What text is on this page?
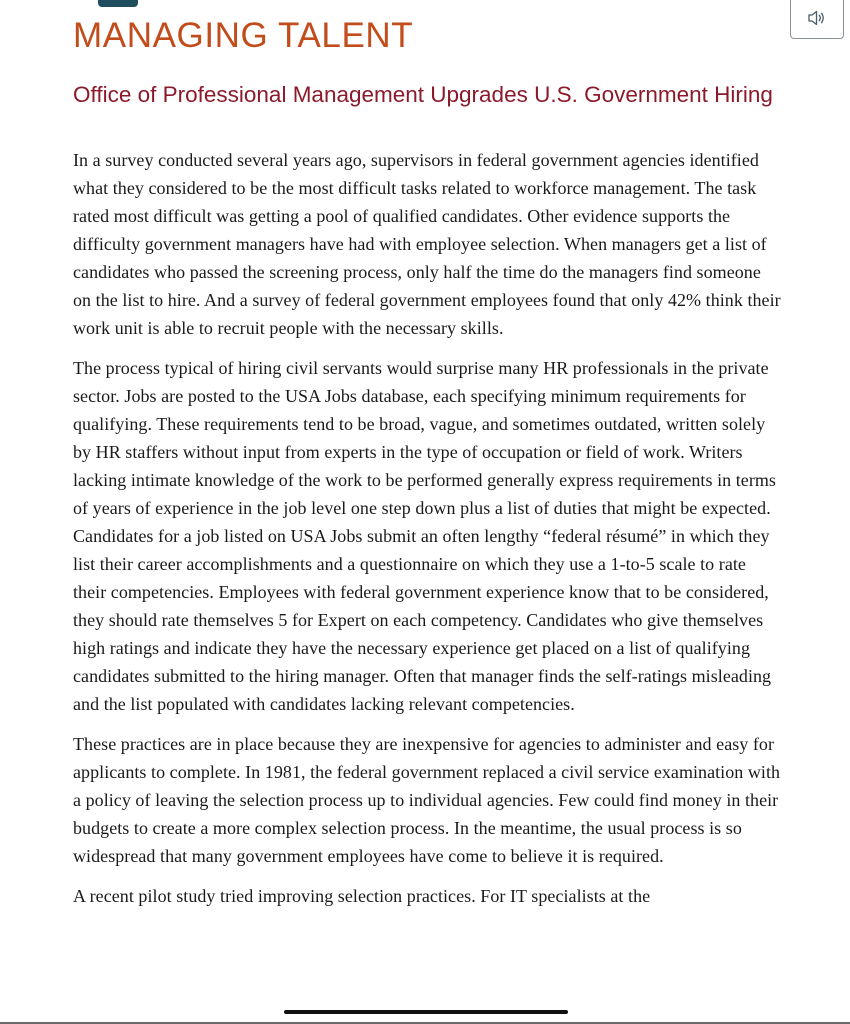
MANAGING TALENT
Office of Professional Management Upgrades U.S. Government Hiring

In a survey conducted several years ago, supervisors in federal government agencies identified what they considered to be the most difficult tasks related to workforce management. The task rated most difficult was getting a pool of qualified candidates. Other evidence supports the difficulty government managers have had with employee selection. When managers get a list of candidates who passed the screening process, only half the time do the managers find someone on the list to hire. And a survey of federal government employees found that only 42% think their work unit is able to recruit people with the necessary skills.

The process typical of hiring civil servants would surprise many HR professionals in the private sector. Jobs are posted to the USA Jobs database, each specifying minimum requirements for qualifying. These requirements tend to be broad, vague, and sometimes outdated, written solely by HR staffers without input from experts in the type of occupation or field of work. Writers lacking intimate knowledge of the work to be performed generally express requirements in terms of years of experience in the job level one step down plus a list of duties that might be expected. Candidates for a job listed on USA Jobs submit an often lengthy “federal résumé” in which they list their career accomplishments and a questionnaire on which they use a 1-to-5 scale to rate their competencies. Employees with federal government experience know that to be considered, they should rate themselves 5 for Expert on each competency. Candidates who give themselves high ratings and indicate they have the necessary experience get placed on a list of qualifying candidates submitted to the hiring manager. Often that manager finds the self-ratings misleading and the list populated with candidates lacking relevant competencies.

These practices are in place because they are inexpensive for agencies to administer and easy for applicants to complete. In 1981, the federal government replaced a civil service examination with a policy of leaving the selection process up to individual agencies. Few could find money in their budgets to create a more complex selection process. In the meantime, the usual process is so widespread that many government employees have come to believe it is required.

A recent pilot study tried improving selection practices. For IT specialists at the
